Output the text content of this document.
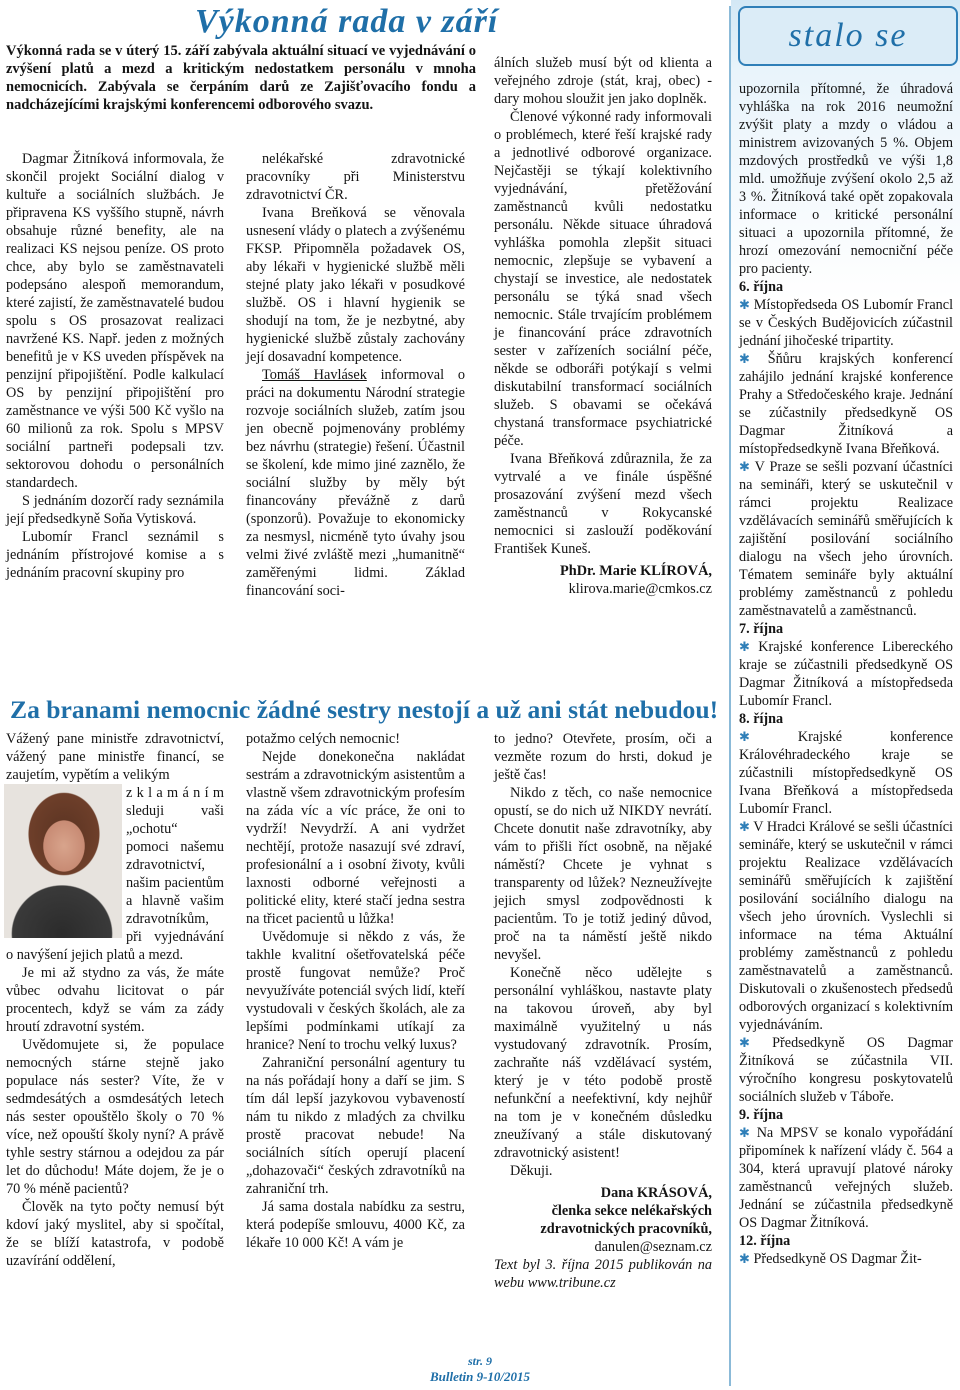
Výkonná rada v září

Výkonná rada se v úterý 15. září zabývala aktuální situací ve vyjednávání o zvýšení platů a mezd a kritickým nedostatkem personálu v mnoha nemocnicích. Zabývala se čerpáním darů ze Zajišťovacího fondu a nadcházejícími krajskými konferencemi odborového svazu.

Dagmar Žitníková informovala, že skončil projekt Sociální dialog v kultuře a sociálních službách. Je připravena KS vyššího stupně, návrh obsahuje různé benefity, ale na realizaci KS nejsou peníze. OS proto chce, aby bylo se zaměstnavateli podepsáno alespoň memorandum, které zajistí, že zaměstnavatelé budou spolu s OS prosazovat realizaci navržené KS. Např. jeden z možných benefitů je v KS uveden příspěvek na penzijní připojištění. Podle kalkulací OS by penzijní připojištění pro zaměstnance ve výši 500 Kč vyšlo na 60 milionů za rok. Spolu s MPSV sociální partneři podepsali tzv. sektorovou dohodu o personálních standardech.

S jednáním dozorčí rady seznámila její předsedkyně Soňa Vytisková.

Lubomír Francl seznámil s jednáním přístrojové komise a s jednáním pracovní skupiny pro

nelékařské zdravotnické pracovníky při Ministerstvu zdravotnictví ČR.

Ivana Breňková se věnovala usnesení vlády o platech a zvýšenému FKSP. Připomněla požadavek OS, aby lékaři v hygienické službě měli stejné platy jako lékaři v posudkové službě. OS i hlavní hygienik se shodují na tom, že je nezbytné, aby hygienické službě zůstaly zachovány její dosavadní kompetence.

Tomáš Havlásek informoval o práci na dokumentu Národní strategie rozvoje sociálních služeb, zatím jsou jen obecně pojmenovány problémy bez návrhu (strategie) řešení. Účastnil se školení, kde mimo jiné zaznělo, že sociální služby by měly být financovány převážně z darů (sponzorů). Považuje to ekonomicky za nesmysl, nicméně tyto úvahy jsou velmi živé zvláště mezi „humanitně“ zaměřenými lidmi. Základ financování soci-

álních služeb musí být od klienta a veřejného zdroje (stát, kraj, obec) - dary mohou sloužit jen jako doplněk.

Členové výkonné rady informovali o problémech, které řeší krajské rady a jednotlivé odborové organizace. Nejčastěji se týkají kolektivního vyjednávání, přetěžování zaměstnanců kvůli nedostatku personálu. Někde situace úhradová vyhláška pomohla zlepšit situaci nemocnic, zlepšuje se vybavení a chystají se investice, ale nedostatek personálu se týká snad všech nemocnic. Stále trvajícím problémem je financování práce zdravotních sester v zařízeních sociální péče, někde se odboráři potýkají s velmi diskutabilní transformací sociálních služeb. S obavami se očekává chystaná transformace psychiatrické péče.

Ivana Břeňková zdůraznila, že za vytrvalé a ve finále úspěšné prosazování zvýšení mezd všech zaměstnanců v Rokycanské nemocnici si zaslouží poděkování František Kuneš.

PhDr. Marie KLÍROVÁ,

klirova.marie@cmkos.cz

Za branami nemocnic žádné sestry nestojí a už ani stát nebudou!

Vážený pane ministře zdravotnictví, vážený pane ministře financí, se zaujetím, vypětím a velikým

z k l a m á n í m sleduji vaši „ochotu“ pomoci našemu zdravotnictví, našim pacientům a hlavně vašim zdravotníkům, při vyjednávání o navýšení jejich platů a mezd.

Je mi až stydno za vás, že máte vůbec odvahu licitovat o pár procentech, když se vám za zády hroutí zdravotní systém.

Uvědomujete si, že populace nemocných stárne stejně jako populace nás sester? Víte, že v sedmdesátých a osmdesátých letech nás sester opouštělo školy o 70 % více, než opouští školy nyní? A právě tyhle sestry stárnou a odejdou za pár let do důchodu! Máte dojem, že je o 70 % méně pacientů?

Člověk na tyto počty nemusí být kdoví jaký myslitel, aby si spočítal, že se blíží katastrofa, v podobě uzavírání oddělení,

potažmo celých nemocnic!

Nejde donekonečna nakládat sestrám a zdravotnickým asistentům a vlastně všem zdravotnickým profesím na záda víc a víc práce, že oni to vydrží! Nevydrží. A ani vydržet nechtějí, protože nasazují své zdraví, profesionální a i osobní životy, kvůli laxnosti odborné veřejnosti a politické elity, které stačí jedna sestra na třicet pacientů u lůžka!

Uvědomuje si někdo z vás, že takhle kvalitní ošetřovatelská péče prostě fungovat nemůže? Proč nevyužíváte potenciál svých lidí, kteří vystudovali v českých školách, ale za lepšími podmínkami utíkají za hranice? Není to trochu velký luxus?

Zahraniční personální agentury tu na nás pořádají hony a daří se jim. S tím dál lepší jazykovou vybaveností nám tu nikdo z mladých za chvilku prostě pracovat nebude! Na sociálních sítích operují placení „dohazovači“ českých zdravotníků na zahraniční trh.

Já sama dostala nabídku za sestru, která podepíše smlouvu, 4000 Kč, za lékaře 10 000 Kč! A vám je

to jedno? Otevřete, prosím, oči a vezměte rozum do hrsti, dokud je ještě čas!

Nikdo z těch, co naše nemocnice opustí, se do nich už NIKDY nevrátí. Chcete donutit naše zdravotníky, aby vám to přišli říct osobně, na nějaké náměstí? Chcete je vyhnat s transparenty od lůžek? Nezneužívejte jejich smysl zodpovědnosti k pacientům. To je totiž jediný důvod, proč na ta náměstí ještě nikdo nevyšel.

Konečně něco udělejte s personální vyhláškou, nastavte platy na takovou úroveň, aby byl maximálně využitelný u nás vystudovaný zdravotník. Prosím, zachraňte náš vzdělávací systém, který je v této podobě prostě nefunkční a neefektivní, kdy nejhůř na tom je v konečném důsledku zneužívaný a stále diskutovaný zdravotnický asistent!

Děkuji.

Dana KRÁSOVÁ,

členka sekce nelékařských zdravotnických pracovníků,

danulen@seznam.cz

Text byl 3. října 2015 publikován na webu www.tribune.cz

stalo se

upozornila přítomné, že úhradová vyhláška na rok 2016 neumožní zvýšit platy a mzdy o vládou a ministrem avizovaných 5 %. Objem mzdových prostředků ve výši 1,8 mld. umožňuje zvýšení okolo 2,5 až 3 %. Žitníková také opět zopakovala informace o kritické personální situaci a upozornila přítomné, že hrozí omezování nemocniční péče pro pacienty.

6. října

✱ Místopředseda OS Lubomír Francl se v Českých Budějovicích zúčastnil jednání jihočeské tripartity.

✱ Šňůru krajských konferencí zahájilo jednání krajské konference Prahy a Středočeského kraje. Jednání se zúčastnily předsedkyně OS Dagmar Žitníková a místopředsedkyně Ivana Břeňková.

✱ V Praze se sešli pozvaní účastníci na semináři, který se uskutečnil v rámci projektu Realizace vzdělávacích seminářů směřujících k zajištění posilování sociálního dialogu na všech jeho úrovních. Tématem semináře byly aktuální problémy zaměstnanců z pohledu zaměstnavatelů a zaměstnanců.

7. října

✱ Krajské konference Libereckého kraje se zúčastnili předsedkyně OS Dagmar Žitníková a místopředseda Lubomír Francl.

8. října

✱	Krajské konference Královéhradeckého kraje se zúčastnili místopředsedkyně OS Ivana Břeňková a místopředseda Lubomír Francl.

✱ V Hradci Králové se sešli účastníci semináře, který se uskutečnil v rámci projektu Realizace vzdělávacích seminářů směřujících k zajištění posilování sociálního dialogu na všech jeho úrovních. Vyslechli si informace na téma Aktuální problémy zaměstnanců z pohledu zaměstnavatelů a zaměstnanců. Diskutovali o zkušenostech předsedů odborových organizací s kolektivním vyjednáváním.

✱ Předsedkyně OS Dagmar Žitníková se zúčastnila VII. výročního kongresu poskytovatelů sociálních služeb v Táboře.

9. října

✱ Na MPSV se konalo vypořádání připomínek k nařízení vlády č. 564 a 304, která upravují platové nároky zaměstnanců veřejných služeb. Jednání se zúčastnila předsedkyně OS Dagmar Žitníková.

12. října

✱ Předsedkyně OS Dagmar Žit-

str. 9
Bulletin 9-10/2015
